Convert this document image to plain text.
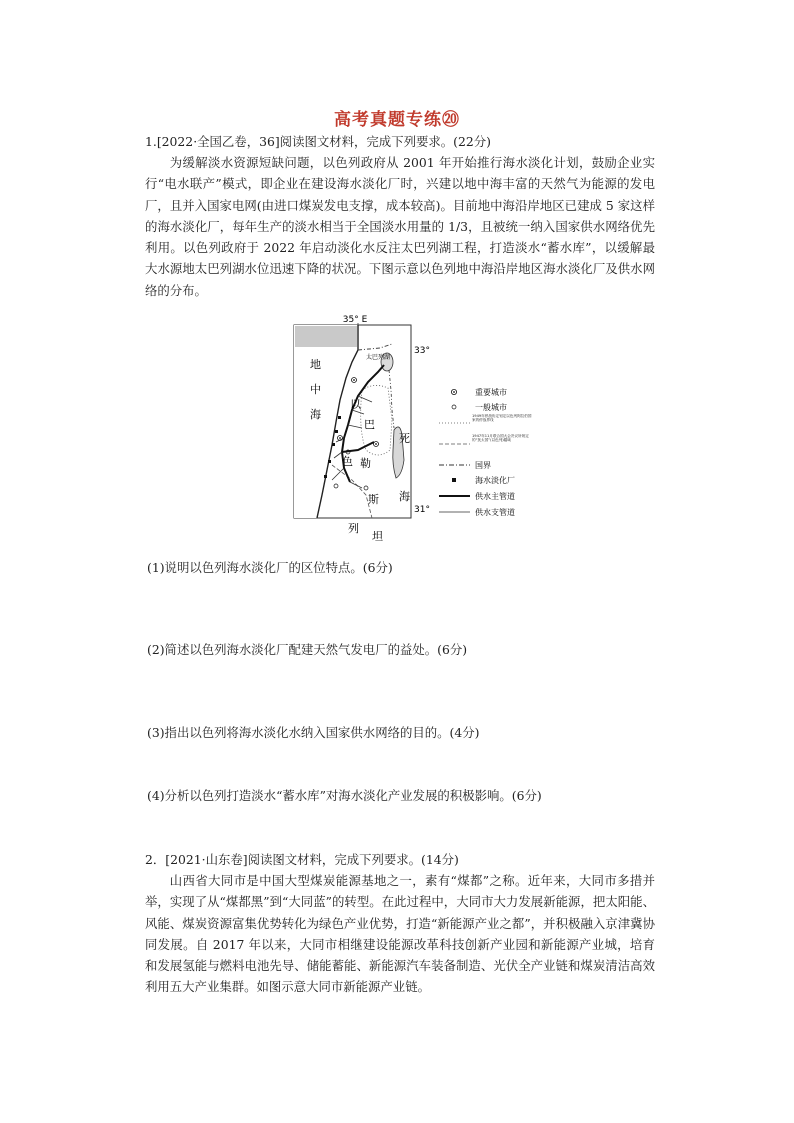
高考真题专练⑳

1.[2022·全国乙卷，36]阅读图文材料，完成下列要求。(22分)

为缓解淡水资源短缺问题，以色列政府从 2001 年开始推行海水淡化计划，鼓励企业实行“电水联产”模式，即企业在建设海水淡化厂时，兴建以地中海丰富的天然气为能源的发电厂，且并入国家电网(由进口煤炭发电支撑，成本较高)。目前地中海沿岸地区已建成 5 家这样的海水淡化厂，每年生产的淡水相当于全国淡水用量的 1/3，且被统一纳入国家供水网络优先利用。以色列政府于 2022 年启动淡化水反注太巴列湖工程，打造淡水“蓄水库”，以缓解最大水源地太巴列湖水位迅速下降的状况。下图示意以色列地中海沿岸地区海水淡化厂及供水网络的分布。

35° E
33°
31°
太巴列湖
地
中
海
以
色
列
巴
勒
斯
坦
死
海
重要城市
一般城市
1949年停战协定划定以色列阿拉伯国家的停战界线
1947年11月联合国大会决议所规定的“犹太国”(以色列)疆域
国界
海水淡化厂
供水主管道
供水支管道

(1)说明以色列海水淡化厂的区位特点。(6分)

(2)简述以色列海水淡化厂配建天然气发电厂的益处。(6分)

(3)指出以色列将海水淡化水纳入国家供水网络的目的。(4分)

(4)分析以色列打造淡水“蓄水库”对海水淡化产业发展的积极影响。(6分)

2．[2021·山东卷]阅读图文材料，完成下列要求。(14分)

山西省大同市是中国大型煤炭能源基地之一，素有“煤都”之称。近年来，大同市多措并举，实现了从“煤都黑”到“大同蓝”的转型。在此过程中，大同市大力发展新能源，把太阳能、风能、煤炭资源富集优势转化为绿色产业优势，打造“新能源产业之都”，并积极融入京津冀协同发展。自 2017 年以来，大同市相继建设能源改革科技创新产业园和新能源产业城，培育和发展氢能与燃料电池先导、储能蓄能、新能源汽车装备制造、光伏全产业链和煤炭清洁高效利用五大产业集群。如图示意大同市新能源产业链。
